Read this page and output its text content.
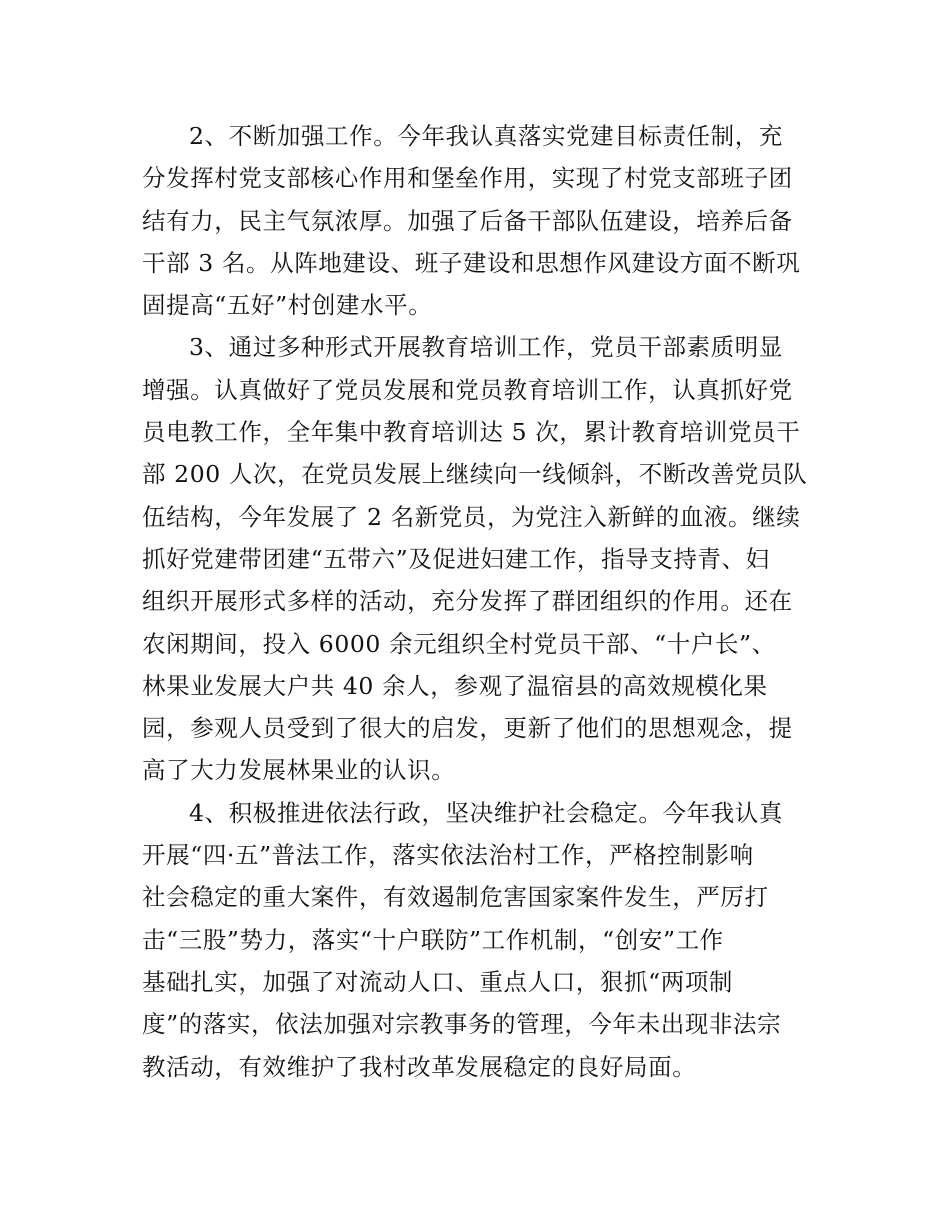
2、不断加强工作。今年我认真落实党建目标责任制，充
分发挥村党支部核心作用和堡垒作用，实现了村党支部班子团
结有力，民主气氛浓厚。加强了后备干部队伍建设，培养后备
干部 3 名。从阵地建设、班子建设和思想作风建设方面不断巩
固提高“五好”村创建水平。
3、通过多种形式开展教育培训工作，党员干部素质明显
增强。认真做好了党员发展和党员教育培训工作，认真抓好党
员电教工作，全年集中教育培训达 5 次，累计教育培训党员干
部 200 人次，在党员发展上继续向一线倾斜，不断改善党员队
伍结构，今年发展了 2 名新党员，为党注入新鲜的血液。继续
抓好党建带团建“五带六”及促进妇建工作，指导支持青、妇
组织开展形式多样的活动，充分发挥了群团组织的作用。还在
农闲期间，投入 6000 余元组织全村党员干部、“十户长”、
林果业发展大户共 40 余人，参观了温宿县的高效规模化果
园，参观人员受到了很大的启发，更新了他们的思想观念，提
高了大力发展林果业的认识。
4、积极推进依法行政，坚决维护社会稳定。今年我认真
开展“四·五”普法工作，落实依法治村工作，严格控制影响
社会稳定的重大案件，有效遏制危害国家案件发生，严厉打
击“三股”势力，落实“十户联防”工作机制，“创安”工作
基础扎实，加强了对流动人口、重点人口，狠抓“两项制
度”的落实，依法加强对宗教事务的管理，今年未出现非法宗
教活动，有效维护了我村改革发展稳定的良好局面。
